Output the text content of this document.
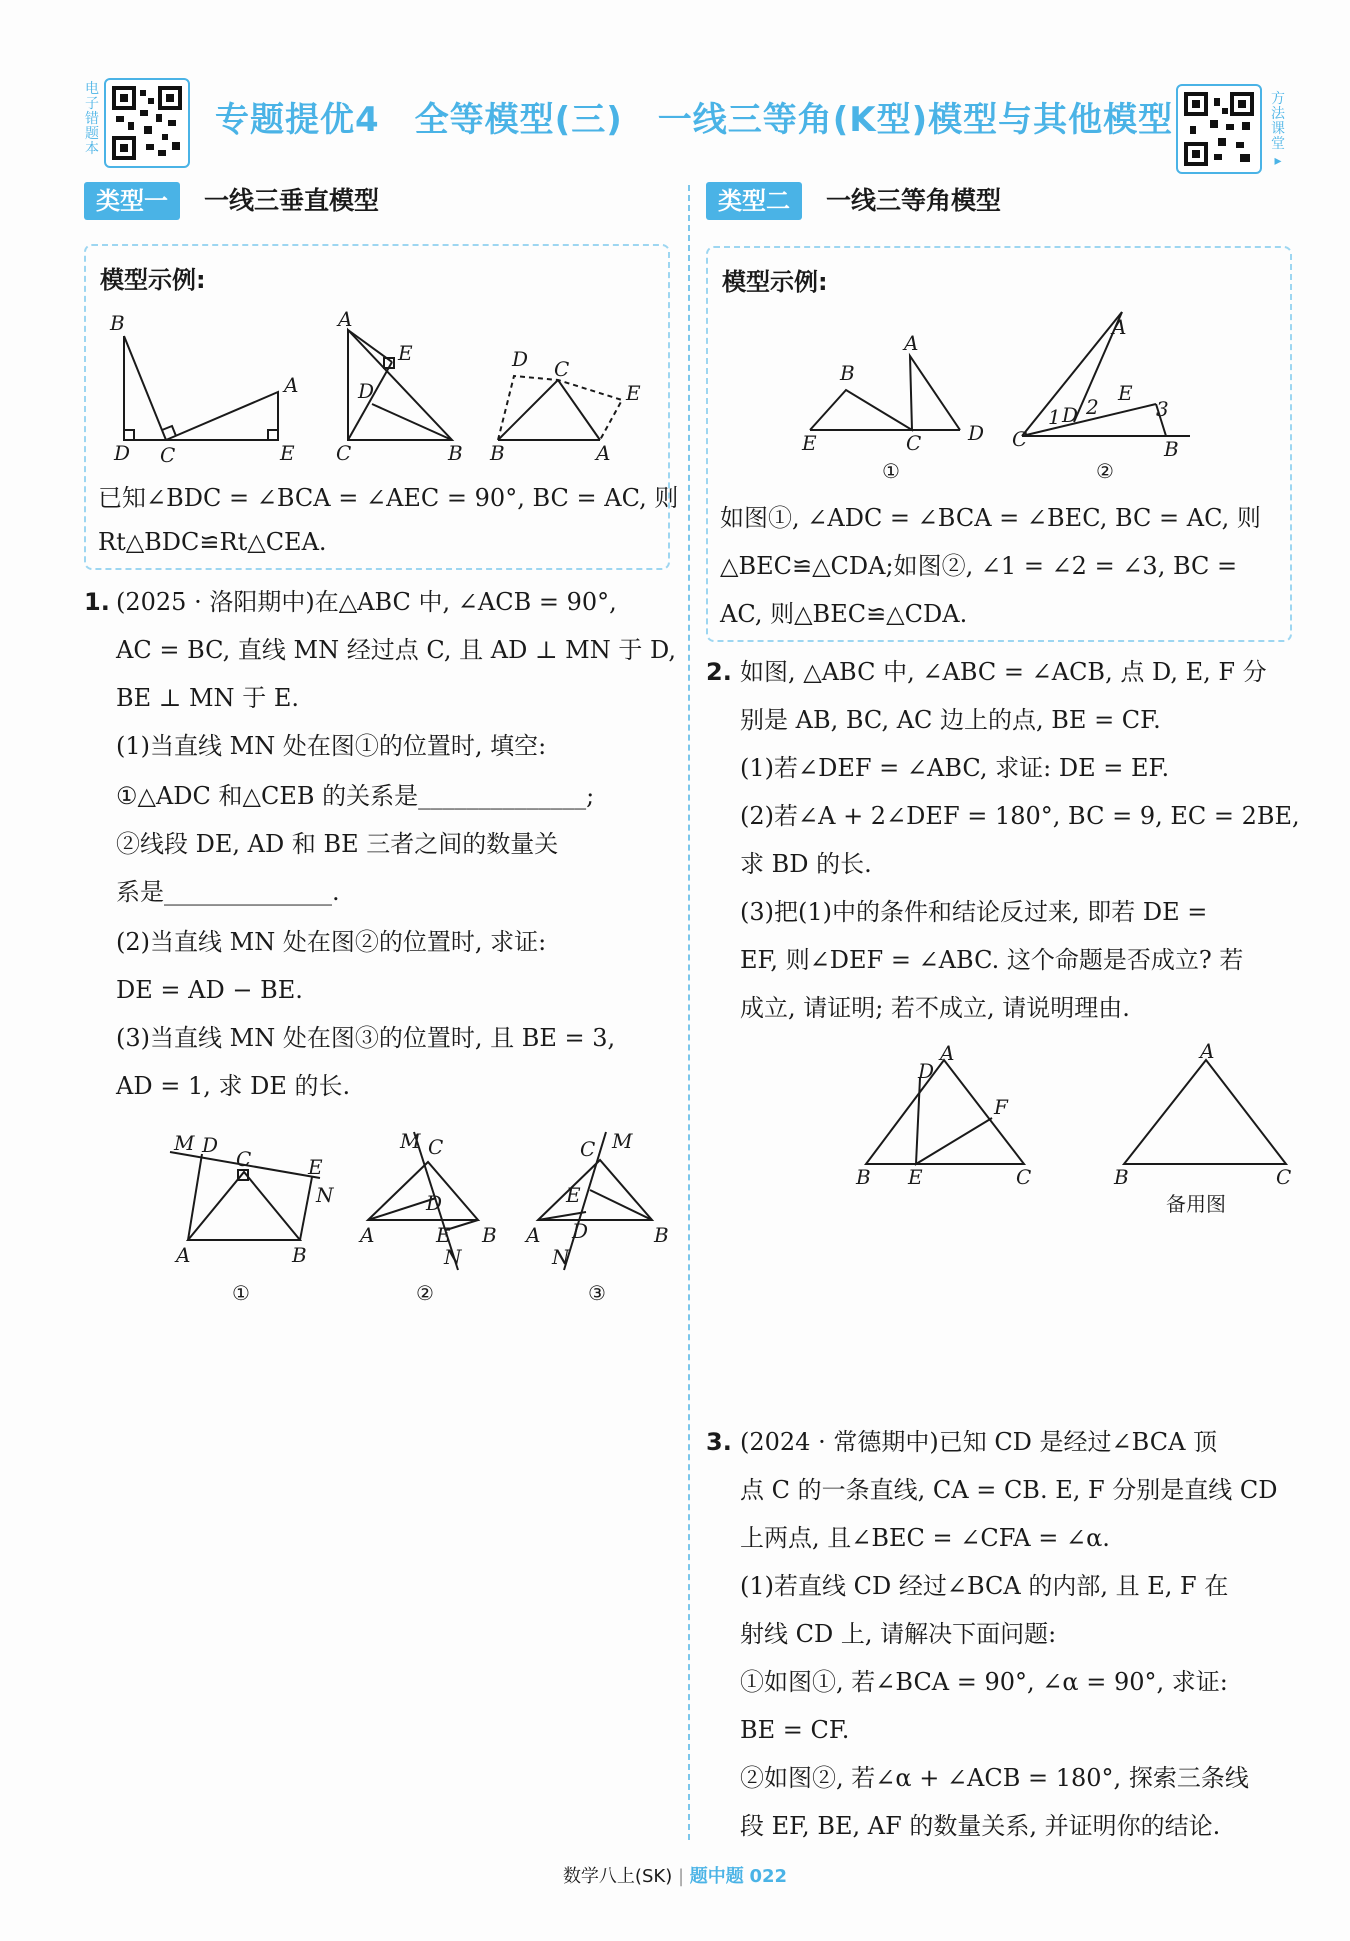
电
子
错
题
本
专题提优4　全等模型(三)　一线三等角(K型)模型与其他模型
方
法
课
堂
▸
类型一	一线三垂直模型
模型示例:
B
D C
A
E
A
E
D
C	B
D C
E
B	A
已知∠BDC = ∠BCA = ∠AEC = 90°, BC = AC, 则
Rt△BDC≌Rt△CEA.
1. (2025 · 洛阳期中)在△ABC 中, ∠ACB = 90°,
AC = BC, 直线 MN 经过点 C, 且 AD ⊥ MN 于 D,
BE ⊥ MN 于 E.
(1)当直线 MN 处在图①的位置时, 填空:
①△ADC 和△CEB 的关系是______________;
②线段 DE, AD 和 BE 三者之间的数量关
系是______________.
(2)当直线 MN 处在图②的位置时, 求证:
DE = AD − BE.
(3)当直线 MN 处在图③的位置时, 且 BE = 3,
AD = 1, 求 DE 的长.
M D
C	E
N
A	B
①
M C
D
E
N
A	B
②
M
C
E
D
N
A	B
③
类型二	一线三等角模型
模型示例:
E
B
A
C D
①
A
1 D 2
E
3
C	B
②
如图①, ∠ADC = ∠BCA = ∠BEC, BC = AC, 则
△BEC≌△CDA;如图②, ∠1 = ∠2 = ∠3, BC =
AC, 则△BEC≌△CDA.
2. 如图, △ABC 中, ∠ABC = ∠ACB, 点 D, E, F 分
别是 AB, BC, AC 边上的点, BE = CF.
(1)若∠DEF = ∠ABC, 求证: DE = EF.
(2)若∠A + 2∠DEF = 180°, BC = 9, EC = 2BE,
求 BD 的长.
(3)把(1)中的条件和结论反过来, 即若 DE =
EF, 则∠DEF = ∠ABC. 这个命题是否成立? 若
成立, 请证明; 若不成立, 请说明理由.
A
D
F
B E	C
A
B	C
备用图
3. (2024 · 常德期中)已知 CD 是经过∠BCA 顶
点 C 的一条直线, CA = CB. E, F 分别是直线 CD
上两点, 且∠BEC = ∠CFA = ∠α.
(1)若直线 CD 经过∠BCA 的内部, 且 E, F 在
射线 CD 上, 请解决下面问题:
①如图①, 若∠BCA = 90°, ∠α = 90°, 求证:
BE = CF.
②如图②, 若∠α + ∠ACB = 180°, 探索三条线
段 EF, BE, AF 的数量关系, 并证明你的结论.
数学八上(SK) | 题中题 022
